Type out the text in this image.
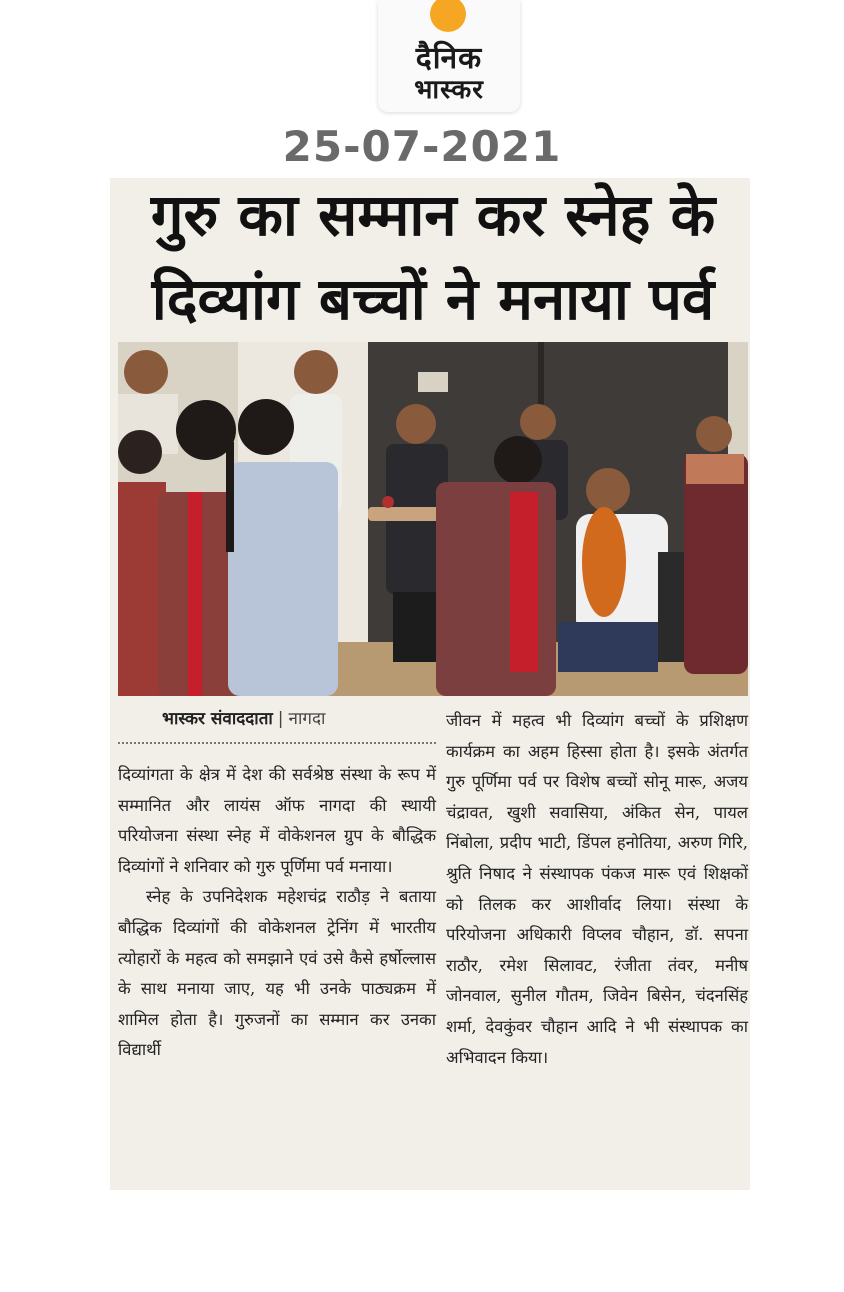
दैनिक
भास्कर
25-07-2021
गुरु का सम्मान कर स्नेह के
दिव्यांग बच्चों ने मनाया पर्व
भास्कर संवाददाता | नागदा

दिव्यांगता के क्षेत्र में देश की सर्वश्रेष्ठ संस्था के रूप में सम्मानित और लायंस ऑफ नागदा की स्थायी परियोजना संस्था स्नेह में वोकेशनल ग्रुप के बौद्धिक दिव्यांगों ने शनिवार को गुरु पूर्णिमा पर्व मनाया।

स्नेह के उपनिदेशक महेशचंद्र राठौड़ ने बताया बौद्धिक दिव्यांगों की वोकेशनल ट्रेनिंग में भारतीय त्योहारों के महत्व को समझाने एवं उसे कैसे हर्षोल्लास के साथ मनाया जाए, यह भी उनके पाठ्यक्रम में शामिल होता है। गुरुजनों का सम्मान कर उनका विद्यार्थी

जीवन में महत्व भी दिव्यांग बच्चों के प्रशिक्षण कार्यक्रम का अहम हिस्सा होता है। इसके अंतर्गत गुरु पूर्णिमा पर्व पर विशेष बच्चों सोनू मारू, अजय चंद्रावत, खुशी सवासिया, अंकित सेन, पायल निंबोला, प्रदीप भाटी, डिंपल हनोतिया, अरुण गिरि, श्रुति निषाद ने संस्थापक पंकज मारू एवं शिक्षकों को तिलक कर आशीर्वाद लिया। संस्था के परियोजना अधिकारी विप्लव चौहान, डॉ. सपना राठौर, रमेश सिलावट, रंजीता तंवर, मनीष जोनवाल, सुनील गौतम, जिवेन बिसेन, चंदनसिंह शर्मा, देवकुंवर चौहान आदि ने भी संस्थापक का अभिवादन किया।
